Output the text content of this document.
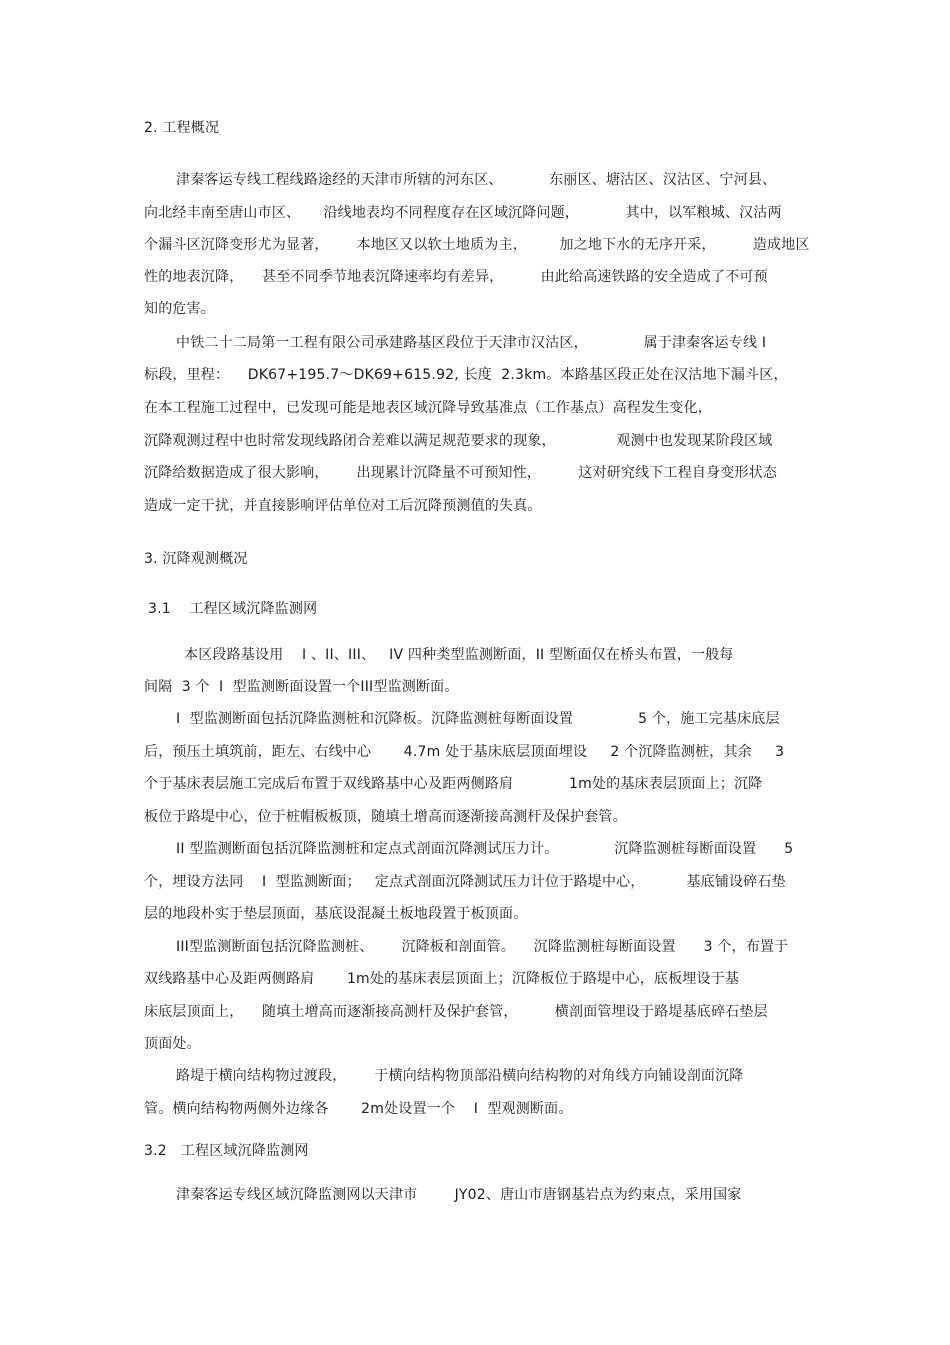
2. 工程概况
津秦客运专线工程线路途经的天津市所辖的河东区、          东丽区、塘沽区、汉沽区、宁河县、
向北经丰南至唐山市区、     沿线地表均不同程度存在区域沉降问题，          其中，以军粮城、汉沽两
个漏斗区沉降变形尤为显著，      本地区又以软土地质为主，       加之地下水的无序开采，        造成地区
性的地表沉降，    甚至不同季节地表沉降速率均有差异，        由此给高速铁路的安全造成了不可预
知的危害。
中铁二十二局第一工程有限公司承建路基区段位于天津市汉沽区，            属于津秦客运专线 I
标段，里程：    DK67+195.7～DK69+615.92, 长度  2.3km。本路基区段正处在汉沽地下漏斗区，
在本工程施工过程中，已发现可能是地表区域沉降导致基准点（工作基点）高程发生变化，
沉降观测过程中也时常发现线路闭合差难以满足规范要求的现象，             观测中也发现某阶段区域
沉降给数据造成了很大影响，      出现累计沉降量不可预知性，        这对研究线下工程自身变形状态
造成一定干扰，并直接影响评估单位对工后沉降预测值的失真。
3. 沉降观测概况
3.1    工程区域沉降监测网
本区段路基设用    I 、II、III、   IV 四种类型监测断面，II 型断面仅在桥头布置，一般每
间隔  3 个  I  型监测断面设置一个III型监测断面。
I  型监测断面包括沉降监测桩和沉降板。沉降监测桩每断面设置              5 个，施工完基床底层
后，预压土填筑前，距左、右线中心       4.7m 处于基床底层顶面埋设     2 个沉降监测桩，其余     3
个于基床表层施工完成后布置于双线路基中心及距两侧路肩            1m处的基床表层顶面上；沉降
板位于路堤中心，位于桩帽板板顶，随填土增高而逐渐接高测杆及保护套管。
II 型监测断面包括沉降监测桩和定点式剖面沉降测试压力计。            沉降监测桩每断面设置      5
个，埋设方法同    I  型监测断面；   定点式剖面沉降测试压力计位于路堤中心，         基底铺设碎石垫
层的地段朴实于垫层顶面，基底设混凝土板地段置于板顶面。
III型监测断面包括沉降监测桩、      沉降板和剖面管。    沉降监测桩每断面设置      3 个，布置于
双线路基中心及距两侧路肩       1m处的基床表层顶面上；沉降板位于路堤中心，底板埋设于基
床底层顶面上，    随填土增高而逐渐接高测杆及保护套管，        横剖面管埋设于路堤基底碎石垫层
顶面处。
路堤于横向结构物过渡段，      于横向结构物顶部沿横向结构物的对角线方向铺设剖面沉降
管。横向结构物两侧外边缘各       2m处设置一个    I  型观测断面。
3.2   工程区域沉降监测网
津秦客运专线区域沉降监测网以天津市        JY02、唐山市唐钢基岩点为约束点，采用国家
